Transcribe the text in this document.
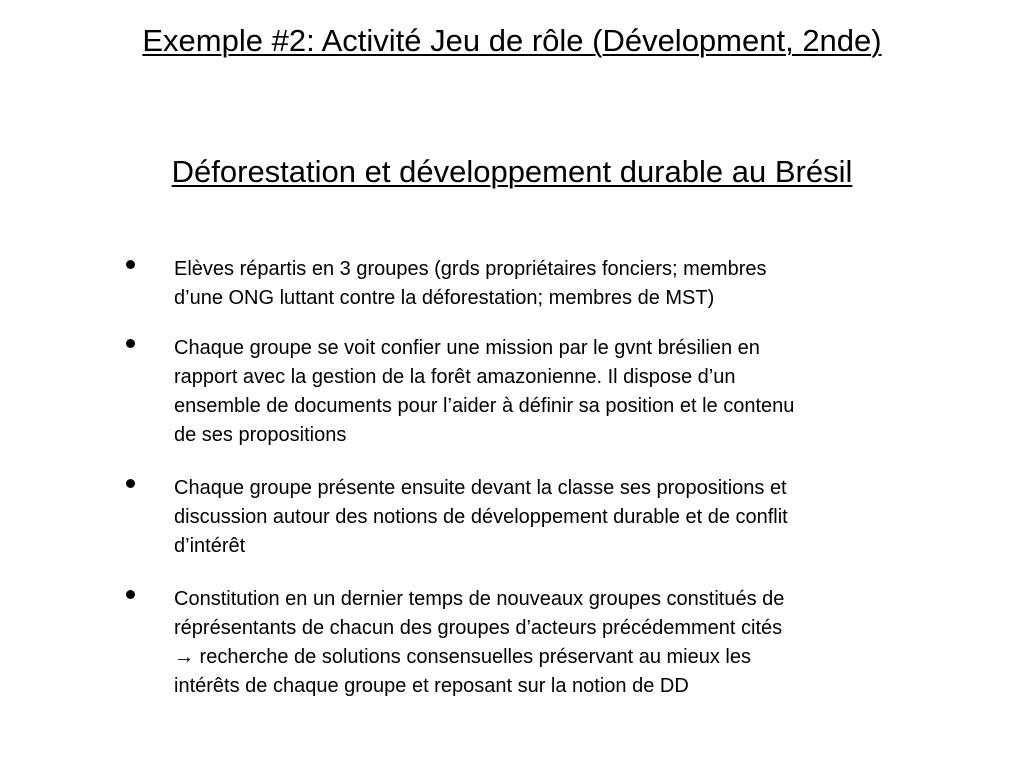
Exemple #2: Activité Jeu de rôle (Dévelopment, 2nde)
Déforestation et développement durable au Brésil
Elèves répartis en 3 groupes (grds propriétaires fonciers; membres
d’une ONG luttant contre la déforestation; membres de MST)
Chaque groupe se voit confier une mission par le gvnt brésilien en
rapport avec la gestion de la forêt amazonienne. Il dispose d’un
ensemble de documents pour l’aider à définir sa position et le contenu
de ses propositions
Chaque groupe présente ensuite devant la classe ses propositions et
discussion autour des notions de développement durable et de conflit
d’intérêt
Constitution en un dernier temps de nouveaux groupes constitués de
réprésentants de chacun des groupes d’acteurs précédemment cités
→ recherche de solutions consensuelles préservant au mieux les
intérêts de chaque groupe et reposant sur la notion de DD
